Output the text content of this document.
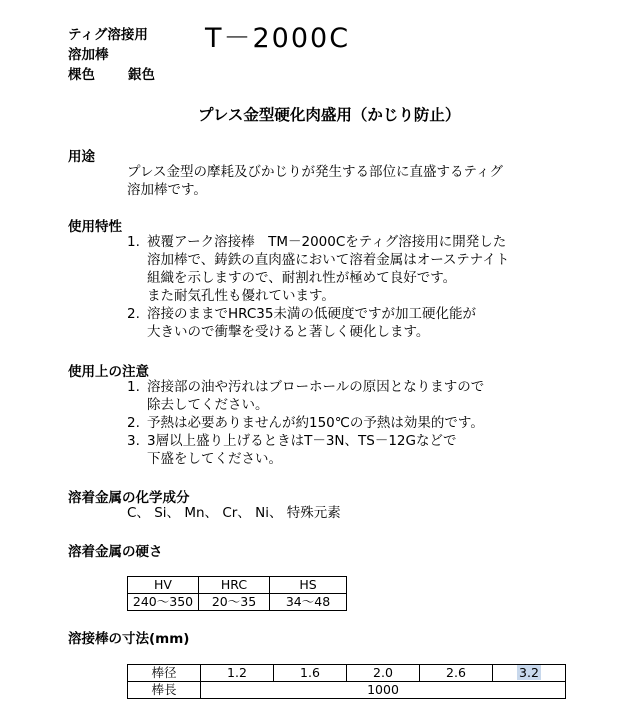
ティグ溶接用
溶加棒
棵色 銀色
T－2000C
プレス金型硬化肉盛用（かじり防止）
用途
プレス金型の摩耗及びかじりが発生する部位に直盛するティグ
溶加棒です。
使用特性
1. 被覆アーク溶接棒　TM－2000Cをティグ溶接用に開発した
溶加棒で、鋳鉄の直肉盛において溶着金属はオーステナイト
組織を示しますので、耐割れ性が極めて良好です。
また耐気孔性も優れています。
2. 溶接のままでHRC35未満の低硬度ですが加工硬化能が
大きいので衝撃を受けると著しく硬化します。
使用上の注意
1. 溶接部の油や汚れはブローホールの原因となりますので
除去してください。
2. 予熱は必要ありませんが約150℃の予熱は効果的です。
3. 3層以上盛り上げるときはT－3N、TS－12Gなどで
下盛をしてください。
溶着金属の化学成分
C、 Si、 Mn、 Cr、 Ni、 特殊元素
溶着金属の硬さ
HV	HRC	HS
240～350	20～35	34～48
溶接棒の寸法(mm)
棒径	1.2	1.6	2.0	2.6	3.2
棒長	1000				
